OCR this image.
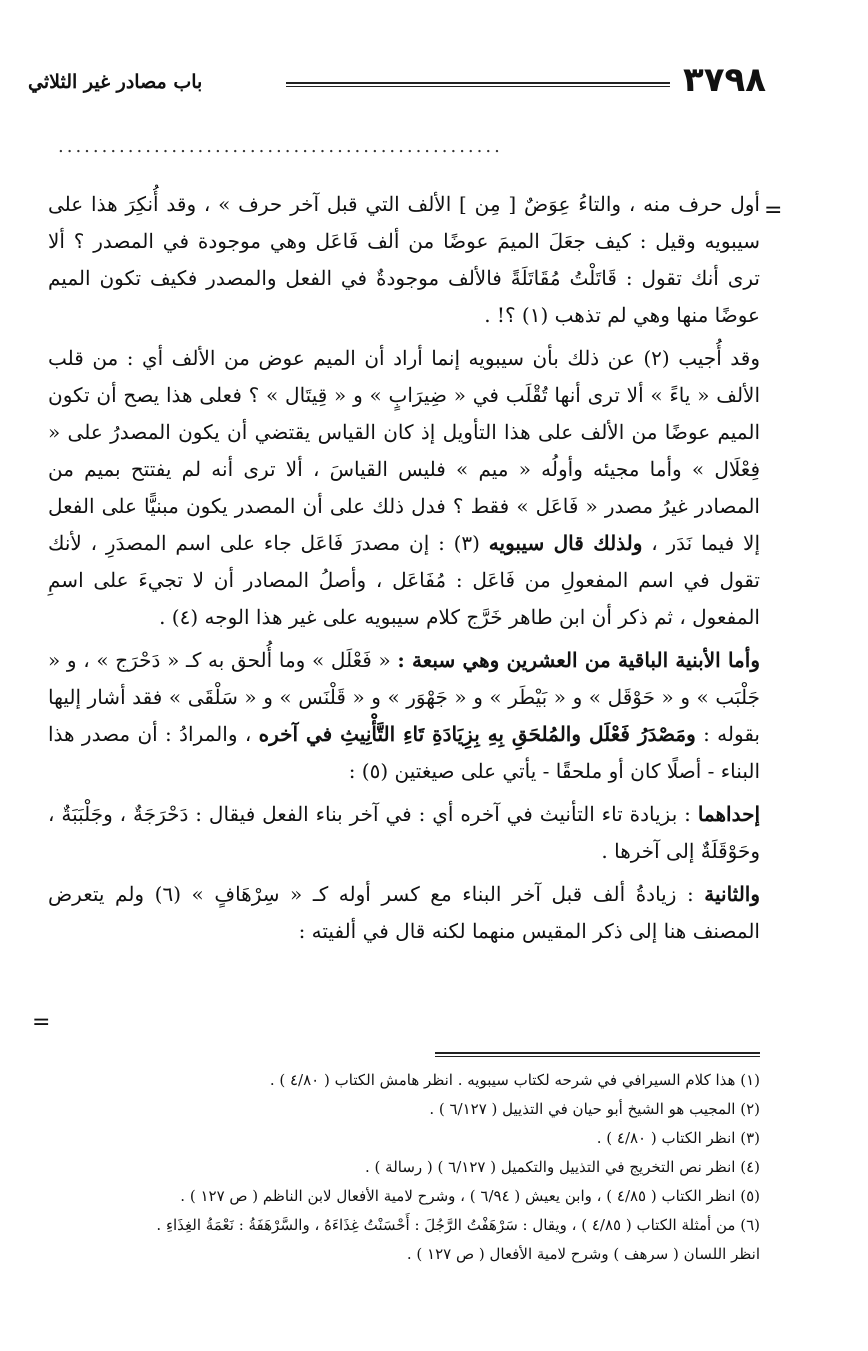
٣٧٩٨
باب مصادر غير الثلاثي
...................................................
=
=

أول حرف منه ، والتاءُ عِوَضٌ [ مِن ] الألف التي قبل آخر حرف » ، وقد أُنكِرَ هذا على سيبويه وقيل : كيف جعَلَ الميمَ عوضًا من ألف فَاعَل وهي موجودة في المصدر ؟ ألا ترى أنك تقول : قَاتَلْتُ مُقَاتَلَةً فالألف موجودةٌ في الفعل والمصدر فكيف تكون الميم عوضًا منها وهي لم تذهب (١) ؟! .

وقد أُجيب (٢) عن ذلك بأن سيبويه إنما أراد أن الميم عوض من الألف أي : من قلب الألف « ياءً » ألا ترى أنها تُقْلَب في « ضِيرَابٍ » و « قِيتَال » ؟ فعلى هذا يصح أن تكون الميم عوضًا من الألف على هذا التأويل إذ كان القياس يقتضي أن يكون المصدرُ على « فِعْلَال » وأما مجيئه وأولُه « ميم » فليس القياسَ ، ألا ترى أنه لم يفتتح بميم من المصادر غيرُ مصدر « فَاعَل » فقط ؟ فدل ذلك على أن المصدر يكون مبنيًّا على الفعل إلا فيما نَدَر ، ولذلك قال سيبويه (٣) : إن مصدرَ فَاعَل جاء على اسم المصدَرِ ، لأنك تقول في اسم المفعولِ من فَاعَل : مُفَاعَل ، وأصلُ المصادر أن لا تجيءَ على اسمِ المفعول ، ثم ذكر أن ابن طاهر خَرَّج كلام سيبويه على غير هذا الوجه (٤) .

وأما الأبنية الباقية من العشرين وهي سبعة : « فَعْلَل » وما أُلحق به كـ « دَحْرَج » ، و « جَلْبَب » و « حَوْقَل » و « بَيْطَر » و « جَهْوَر » و « قَلْنَس » و « سَلْقَى » فقد أشار إليها بقوله : ومَصْدَرُ فَعْلَل والمُلحَقِ بِهِ بِزِيَادَةِ تَاءِ التَّأْنِيثِ في آخره ، والمرادُ : أن مصدر هذا البناء - أصلًا كان أو ملحقًا - يأتي على صيغتين (٥) :

إحداهما : بزيادة تاء التأنيث في آخره أي : في آخر بناء الفعل فيقال : دَحْرَجَةٌ ، وجَلْبَبَةٌ ، وحَوْقَلَةٌ إلى آخرها .

والثانية : زيادةُ ألف قبل آخر البناء مع كسر أوله كـ « سِرْهَافٍ » (٦) ولم يتعرض المصنف هنا إلى ذكر المقيس منهما لكنه قال في ألفيته :

(١) هذا كلام السيرافي في شرحه لكتاب سيبويه . انظر هامش الكتاب ( ٤/٨٠ ) .
(٢) المجيب هو الشيخ أبو حيان في التذييل ( ٦/١٢٧ ) .
(٣) انظر الكتاب ( ٤/٨٠ ) .
(٤) انظر نص التخريج في التذييل والتكميل ( ٦/١٢٧ ) ( رسالة ) .
(٥) انظر الكتاب ( ٤/٨٥ ) ، وابن يعيش ( ٦/٩٤ ) ، وشرح لامية الأفعال لابن الناظم ( ص ١٢٧ ) .
(٦) من أمثلة الكتاب ( ٤/٨٥ ) ، ويقال : سَرْهَفْتُ الرَّجُلَ : أَحْسَنْتُ غِذَاءَهُ ، والسَّرْهَفَةُ : نَعْمَةُ الغِذَاءِ .
انظر اللسان ( سرهف ) وشرح لامية الأفعال ( ص ١٢٧ ) .
